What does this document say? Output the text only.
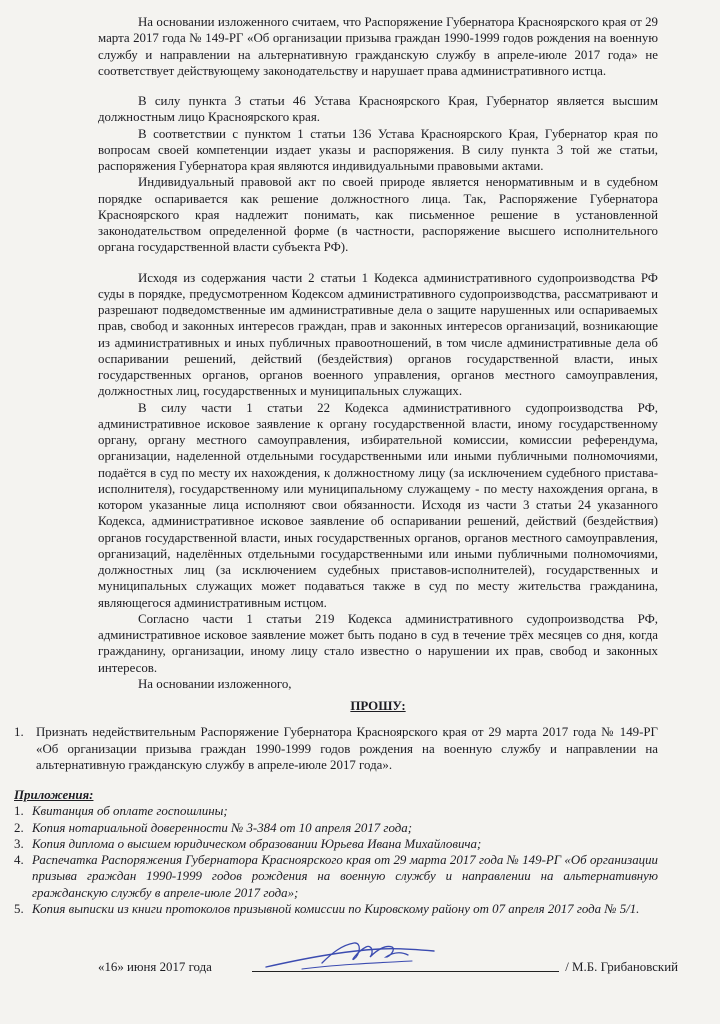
На основании изложенного считаем, что Распоряжение Губернатора Красноярского края от 29 марта 2017 года № 149-РГ «Об организации призыва граждан 1990-1999 годов рождения на военную службу и направлении на альтернативную гражданскую службу в апреле-июле 2017 года» не соответствует действующему законодательству и нарушает права административного истца.

В силу пункта 3 статьи 46 Устава Красноярского Края, Губернатор является высшим должностным лицо Красноярского края.

В соответствии с пунктом 1 статьи 136 Устава Красноярского Края, Губернатор края по вопросам своей компетенции издает указы и распоряжения. В силу пункта 3 той же статьи, распоряжения Губернатора края являются индивидуальными правовыми актами.

Индивидуальный правовой акт по своей природе является ненормативным и в судебном порядке оспаривается как решение должностного лица. Так, Распоряжение Губернатора Красноярского края надлежит понимать, как письменное решение в установленной законодательством определенной форме (в частности, распоряжение высшего исполнительного органа государственной власти субъекта РФ).

Исходя из содержания части 2 статьи 1 Кодекса административного судопроизводства РФ суды в порядке, предусмотренном Кодексом административного судопроизводства, рассматривают и разрешают подведомственные им административные дела о защите нарушенных или оспариваемых прав, свобод и законных интересов граждан, прав и законных интересов организаций, возникающие из административных и иных публичных правоотношений, в том числе административные дела об оспаривании решений, действий (бездействия) органов государственной власти, иных государственных органов, органов военного управления, органов местного самоуправления, должностных лиц, государственных и муниципальных служащих.

В силу части 1 статьи 22 Кодекса административного судопроизводства РФ, административное исковое заявление к органу государственной власти, иному государственному органу, органу местного самоуправления, избирательной комиссии, комиссии референдума, организации, наделенной отдельными государственными или иными публичными полномочиями, подаётся в суд по месту их нахождения, к должностному лицу (за исключением судебного пристава-исполнителя), государственному или муниципальному служащему - по месту нахождения органа, в котором указанные лица исполняют свои обязанности. Исходя из части 3 статьи 24 указанного Кодекса, административное исковое заявление об оспаривании решений, действий (бездействия) органов государственной власти, иных государственных органов, органов местного самоуправления, организаций, наделённых отдельными государственными или иными публичными полномочиями, должностных лиц (за исключением судебных приставов-исполнителей), государственных и муниципальных служащих может подаваться также в суд по месту жительства гражданина, являющегося административным истцом.

Согласно части 1 статьи 219 Кодекса административного судопроизводства РФ, административное исковое заявление может быть подано в суд в течение трёх месяцев со дня, когда гражданину, организации, иному лицу стало известно о нарушении их прав, свобод и законных интересов.

На основании изложенного,

ПРОШУ:
1. Признать недействительным Распоряжение Губернатора Красноярского края от 29 марта 2017 года № 149-РГ «Об организации призыва граждан 1990-1999 годов рождения на военную службу и направлении на альтернативную гражданскую службу в апреле-июле 2017 года».
Приложения:
1. Квитанция об оплате госпошлины;
2. Копия нотариальной доверенности № 3-384 от 10 апреля 2017 года;
3. Копия диплома о высшем юридическом образовании Юрьева Ивана Михайловича;
4. Распечатка Распоряжения Губернатора Красноярского края от 29 марта 2017 года № 149-РГ «Об организации призыва граждан 1990-1999 годов рождения на военную службу и направлении на альтернативную гражданскую службу в апреле-июле 2017 года»;
5. Копия выписки из книги протоколов призывной комиссии по Кировскому району от 07 апреля 2017 года № 5/1.
«16» июня 2017 года	/ М.Б. Грибановский
